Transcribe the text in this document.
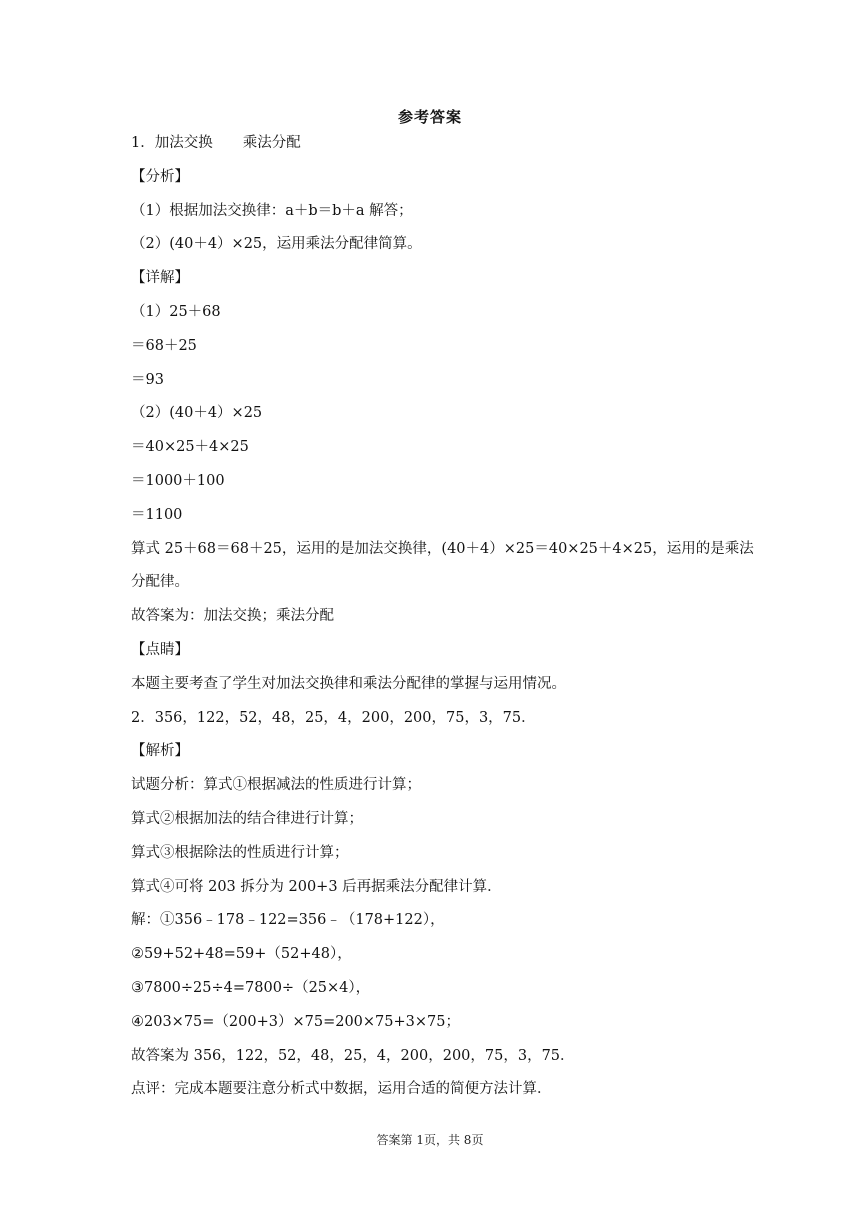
参考答案
1．加法交换 乘法分配
【分析】
（1）根据加法交换律：a＋b＝b＋a 解答；
（2）(40＋4）×25，运用乘法分配律简算。
【详解】
（1）25＋68
＝68＋25
＝93
（2）(40＋4）×25
＝40×25＋4×25
＝1000＋100
＝1100
算式 25＋68＝68＋25，运用的是加法交换律，(40＋4）×25＝40×25＋4×25，运用的是乘法
分配律。
故答案为：加法交换；乘法分配
【点睛】
本题主要考查了学生对加法交换律和乘法分配律的掌握与运用情况。
2．356，122，52，48，25，4，200，200，75，3，75．
【解析】
试题分析：算式①根据减法的性质进行计算；
算式②根据加法的结合律进行计算；
算式③根据除法的性质进行计算；
算式④可将 203 拆分为 200+3 后再据乘法分配律计算．
解：①356﹣178﹣122=356﹣（178+122），
②59+52+48=59+（52+48），
③7800÷25÷4=7800÷（25×4），
④203×75=（200+3）×75=200×75+3×75；
故答案为 356，122，52，48，25，4，200，200，75，3，75．
点评：完成本题要注意分析式中数据，运用合适的简便方法计算．
答案第 1页，共 8页
